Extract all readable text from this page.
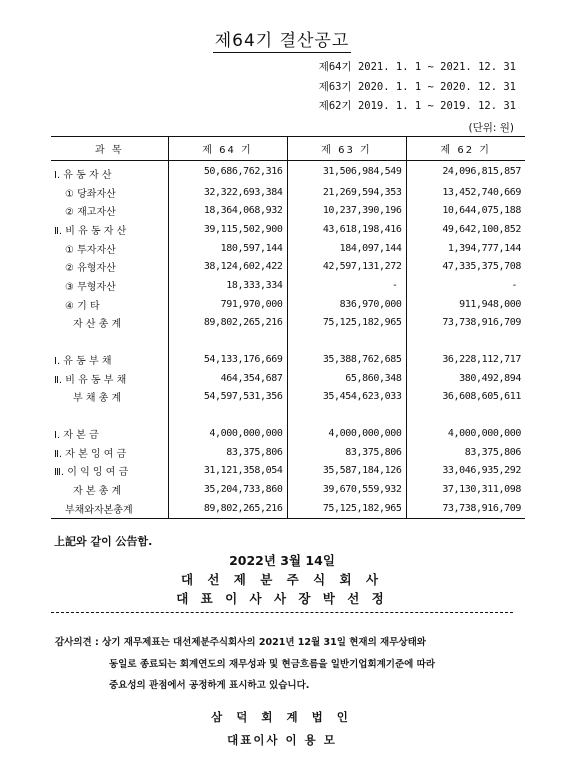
제64기 결산공고
제64기 2021. 1. 1 ~ 2021. 12. 31
제63기 2020. 1. 1 ~ 2020. 12. 31
제62기 2019. 1. 1 ~ 2019. 12. 31
(단위: 원)
과 목	제 64 기	제 63 기	제 62 기
Ⅰ. 유 동 자 산	50,686,762,316	31,506,984,549	24,096,815,857
① 당좌자산	32,322,693,384	21,269,594,353	13,452,740,669
② 재고자산	18,364,068,932	10,237,390,196	10,644,075,188
Ⅱ. 비 유 동 자 산	39,115,502,900	43,618,198,416	49,642,100,852
① 투자자산	180,597,144	184,097,144	1,394,777,144
② 유형자산	38,124,602,422	42,597,131,272	47,335,375,708
③ 무형자산	18,333,334	-	-
④ 기 타	791,970,000	836,970,000	911,948,000
자 산 총 계	89,802,265,216	75,125,182,965	73,738,916,709

Ⅰ. 유 동 부 채	54,133,176,669	35,388,762,685	36,228,112,717
Ⅱ. 비 유 동 부 채	464,354,687	65,860,348	380,492,894
부 채 총 계	54,597,531,356	35,454,623,033	36,608,605,611

Ⅰ. 자 본 금	4,000,000,000	4,000,000,000	4,000,000,000
Ⅱ. 자 본 잉 여 금	83,375,806	83,375,806	83,375,806
Ⅲ. 이 익 잉 여 금	31,121,358,054	35,587,184,126	33,046,935,292
자 본 총 계	35,204,733,860	39,670,559,932	37,130,311,098
부채와자본총계	89,802,265,216	75,125,182,965	73,738,916,709
上記와 같이 公告함.
2022년 3월 14일
대 선 제 분 주 식 회 사
대 표 이 사 사 장 박 선 정
감사의견 : 상기 재무제표는 대선제분주식회사의 2021년 12월 31일 현재의 재무상태와
동일로 종료되는 회계연도의 재무성과 및 현금흐름을 일반기업회계기준에 따라
중요성의 관점에서 공정하게 표시하고 있습니다.
삼 덕 회 계 법 인
대표이사 이 용 모
